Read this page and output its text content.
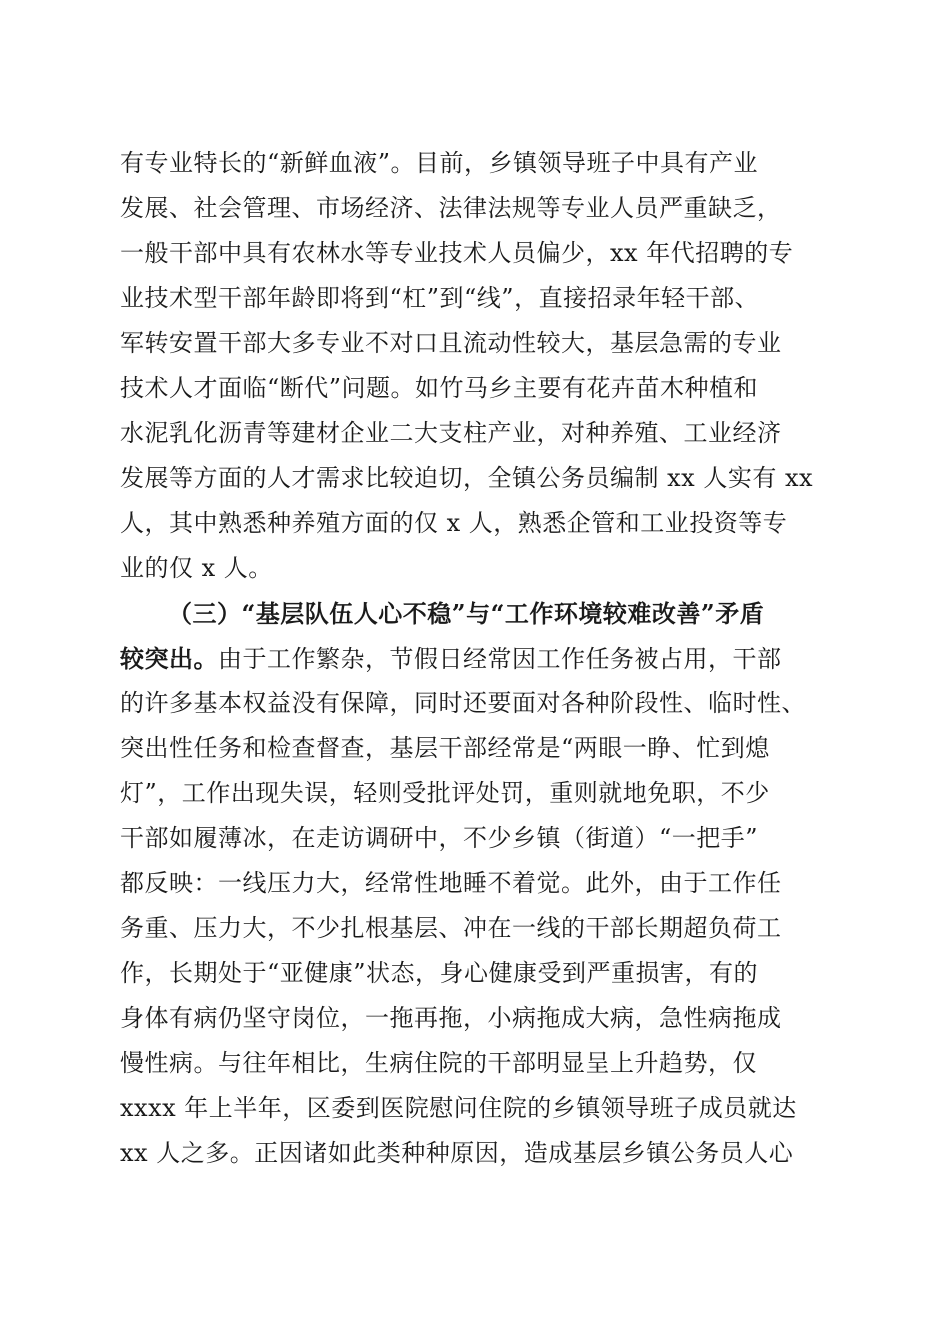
有专业特长的“新鲜血液”。目前，乡镇领导班子中具有产业
发展、社会管理、市场经济、法律法规等专业人员严重缺乏，
一般干部中具有农林水等专业技术人员偏少，xx 年代招聘的专
业技术型干部年龄即将到“杠”到“线”，直接招录年轻干部、
军转安置干部大多专业不对口且流动性较大，基层急需的专业
技术人才面临“断代”问题。如竹马乡主要有花卉苗木种植和
水泥乳化沥青等建材企业二大支柱产业，对种养殖、工业经济
发展等方面的人才需求比较迫切，全镇公务员编制 xx 人实有 xx
人，其中熟悉种养殖方面的仅 x 人，熟悉企管和工业投资等专
业的仅 x 人。
（三）“基层队伍人心不稳”与“工作环境较难改善”矛盾
较突出。由于工作繁杂，节假日经常因工作任务被占用，干部
的许多基本权益没有保障，同时还要面对各种阶段性、临时性、
突出性任务和检查督查，基层干部经常是“两眼一睁、忙到熄
灯”，工作出现失误，轻则受批评处罚，重则就地免职，不少
干部如履薄冰，在走访调研中，不少乡镇（街道）“一把手”
都反映：一线压力大，经常性地睡不着觉。此外，由于工作任
务重、压力大，不少扎根基层、冲在一线的干部长期超负荷工
作，长期处于“亚健康”状态，身心健康受到严重损害，有的
身体有病仍坚守岗位，一拖再拖，小病拖成大病，急性病拖成
慢性病。与往年相比，生病住院的干部明显呈上升趋势，仅
xxxx 年上半年，区委到医院慰问住院的乡镇领导班子成员就达
xx 人之多。正因诸如此类种种原因，造成基层乡镇公务员人心
